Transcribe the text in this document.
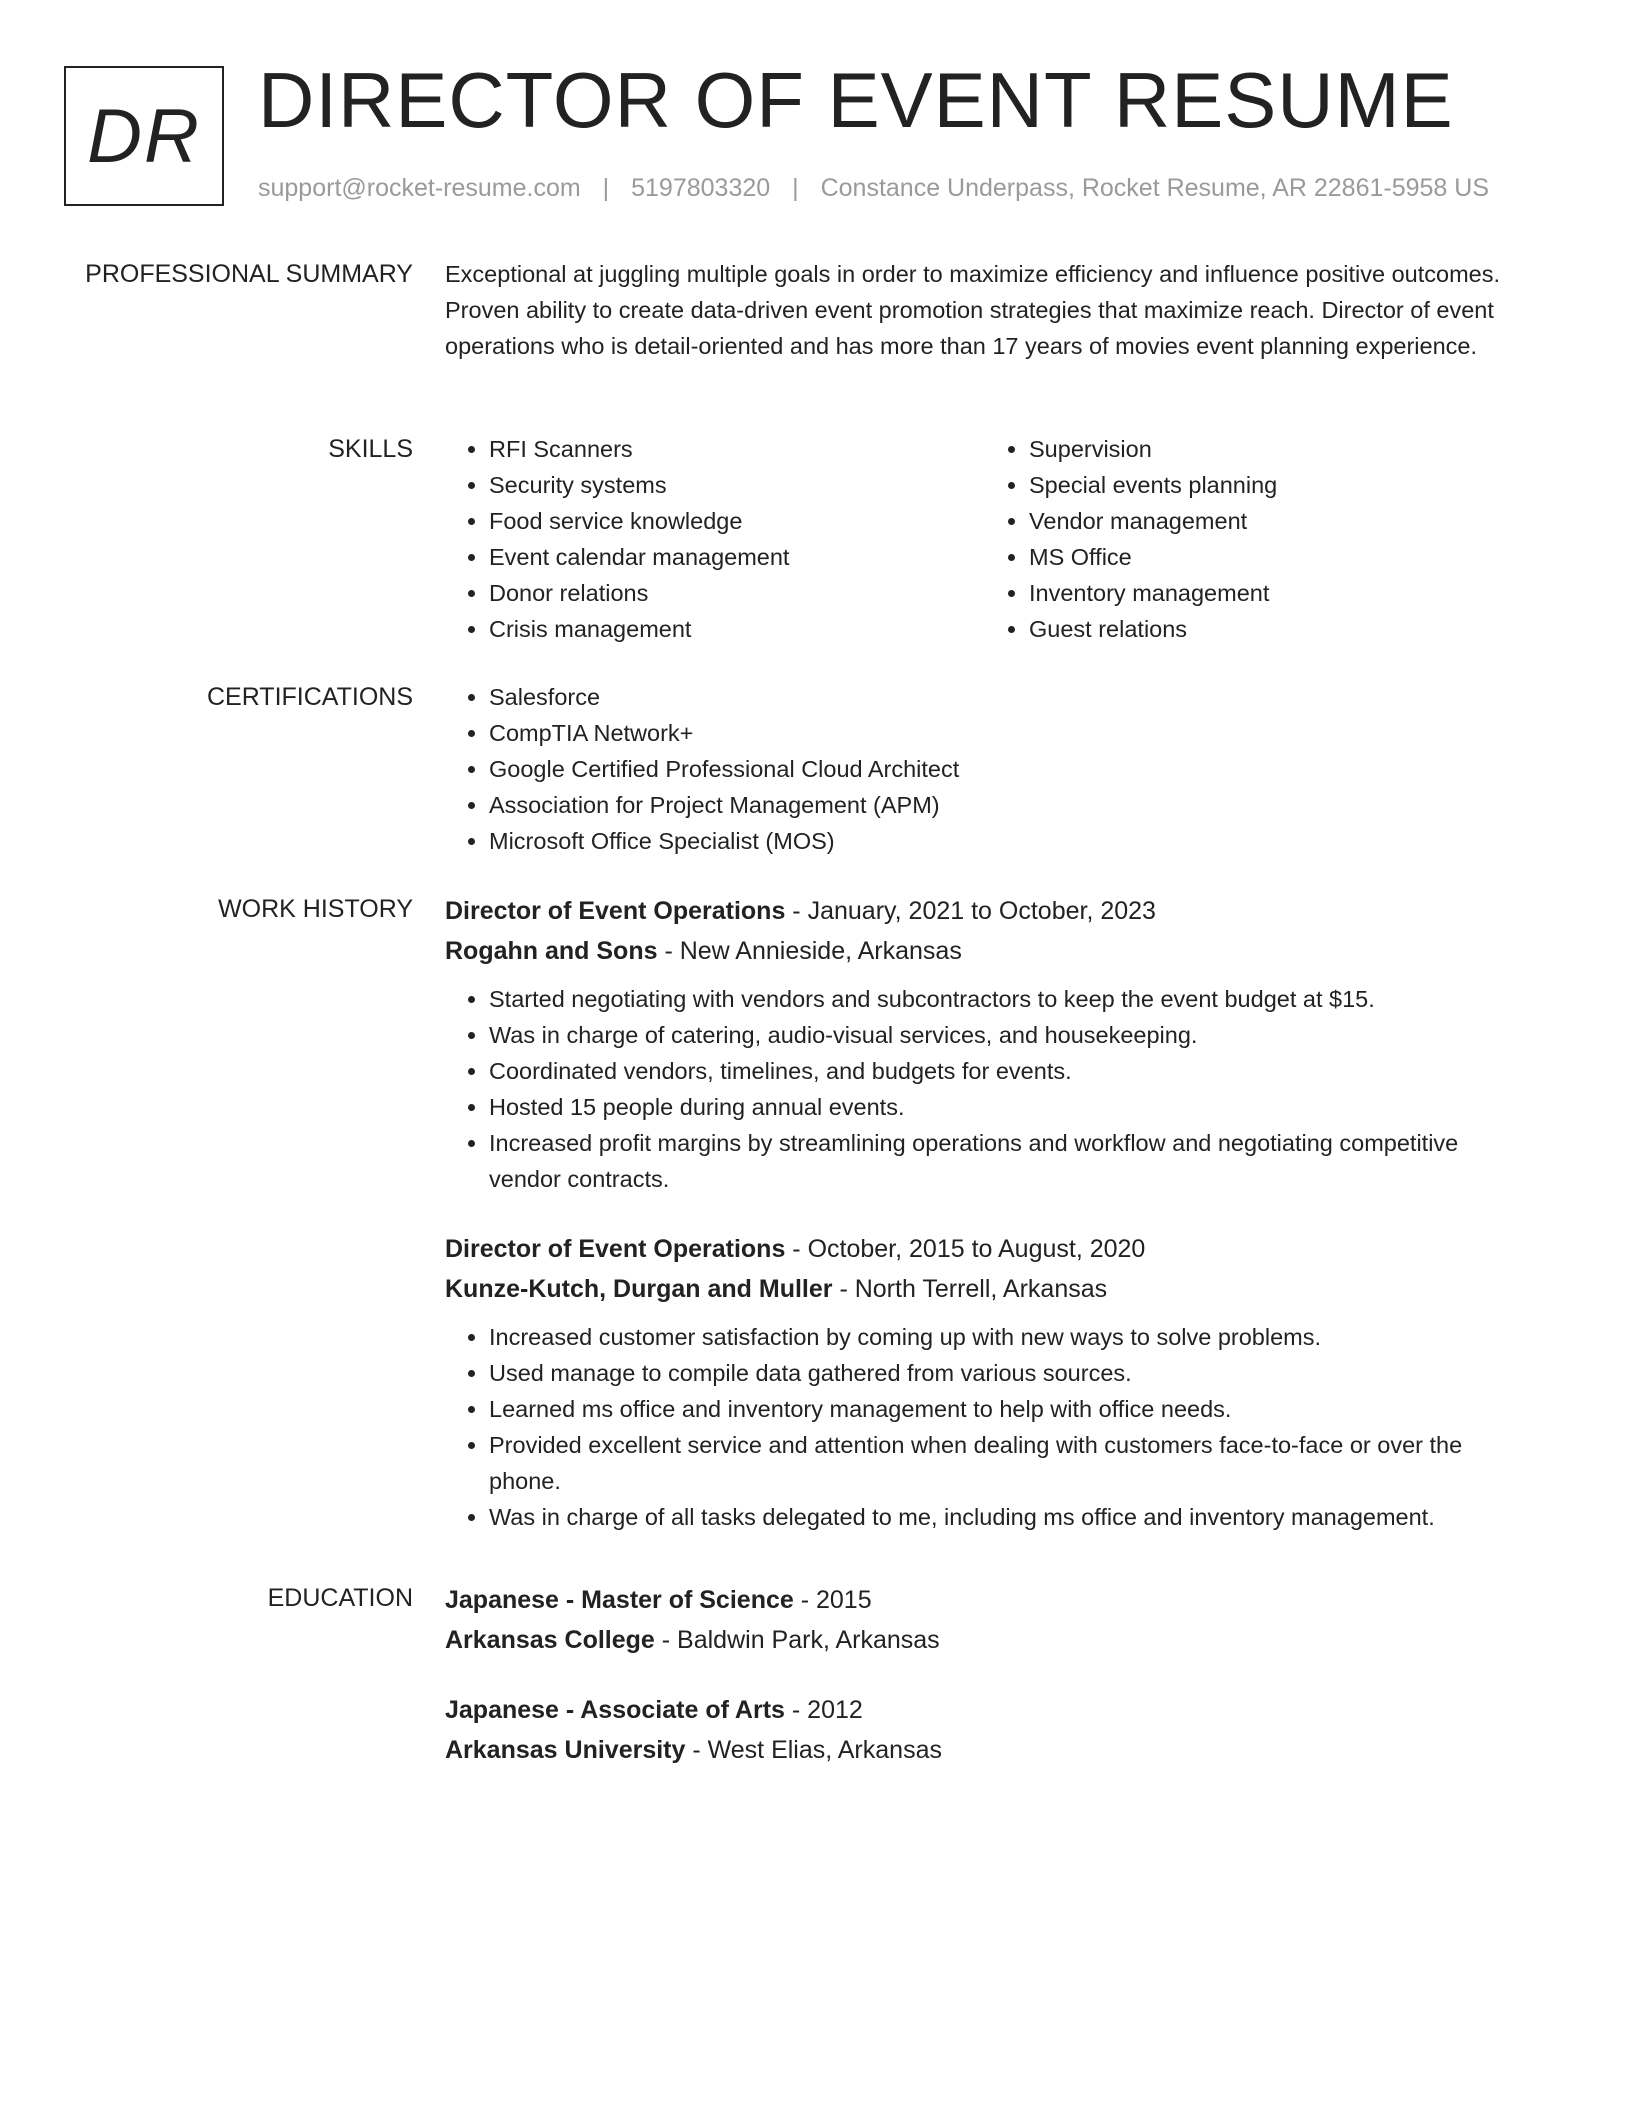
DR DIRECTOR OF EVENT RESUME
support@rocket-resume.com | 5197803320 | Constance Underpass, Rocket Resume, AR 22861-5958 US
PROFESSIONAL SUMMARY Exceptional at juggling multiple goals in order to maximize efficiency and influence positive outcomes. Proven ability to create data-driven event promotion strategies that maximize reach. Director of event operations who is detail-oriented and has more than 17 years of movies event planning experience.

SKILLS	• RFI Scanners
• Security systems
• Food service knowledge
• Event calendar management
• Donor relations
• Crisis management
• Supervision
• Special events planning
• Vendor management
• MS Office
• Inventory management
• Guest relations
CERTIFICATIONS	• Salesforce
• CompTIA Network+
• Google Certified Professional Cloud Architect
• Association for Project Management (APM)
• Microsoft Office Specialist (MOS)
WORK HISTORY Director of Event Operations - January, 2021 to October, 2023
Rogahn and Sons - New Annieside, Arkansas
• Started negotiating with vendors and subcontractors to keep the event budget at $15.
• Was in charge of catering, audio-visual services, and housekeeping.
• Coordinated vendors, timelines, and budgets for events.
• Hosted 15 people during annual events.
• Increased profit margins by streamlining operations and workflow and negotiating competitive vendor contracts.
Director of Event Operations - October, 2015 to August, 2020
Kunze-Kutch, Durgan and Muller - North Terrell, Arkansas
• Increased customer satisfaction by coming up with new ways to solve problems.
• Used manage to compile data gathered from various sources.
• Learned ms office and inventory management to help with office needs.
• Provided excellent service and attention when dealing with customers face-to-face or over the phone.
• Was in charge of all tasks delegated to me, including ms office and inventory management.
EDUCATION Japanese - Master of Science - 2015
Arkansas College - Baldwin Park, Arkansas
Japanese - Associate of Arts - 2012
Arkansas University - West Elias, Arkansas
